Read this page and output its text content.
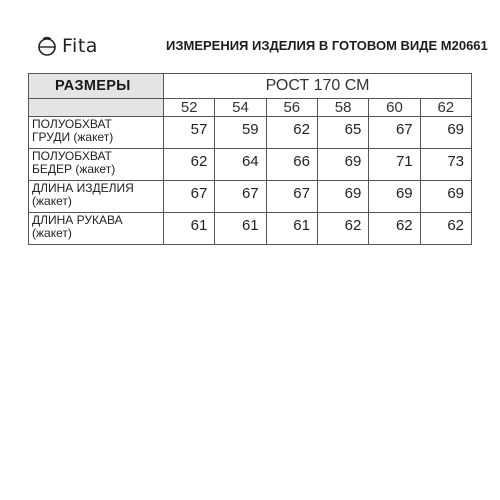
Fita	ИЗМЕРЕНИЯ ИЗДЕЛИЯ В ГОТОВОМ ВИДЕ M20661
РАЗМЕРЫ	РОСТ 170 СМ					
	52	54	56	58	60	62

ПОЛУОБХВАТ
ГРУДИ (жакет)	57	59	62	65	67	69

ПОЛУОБХВАТ
БЕДЕР (жакет)	62	64	66	69	71	73

ДЛИНА ИЗДЕЛИЯ
(жакет)	67	67	67	69	69	69

ДЛИНА РУКАВА
(жакет)	61	61	61	62	62	62
